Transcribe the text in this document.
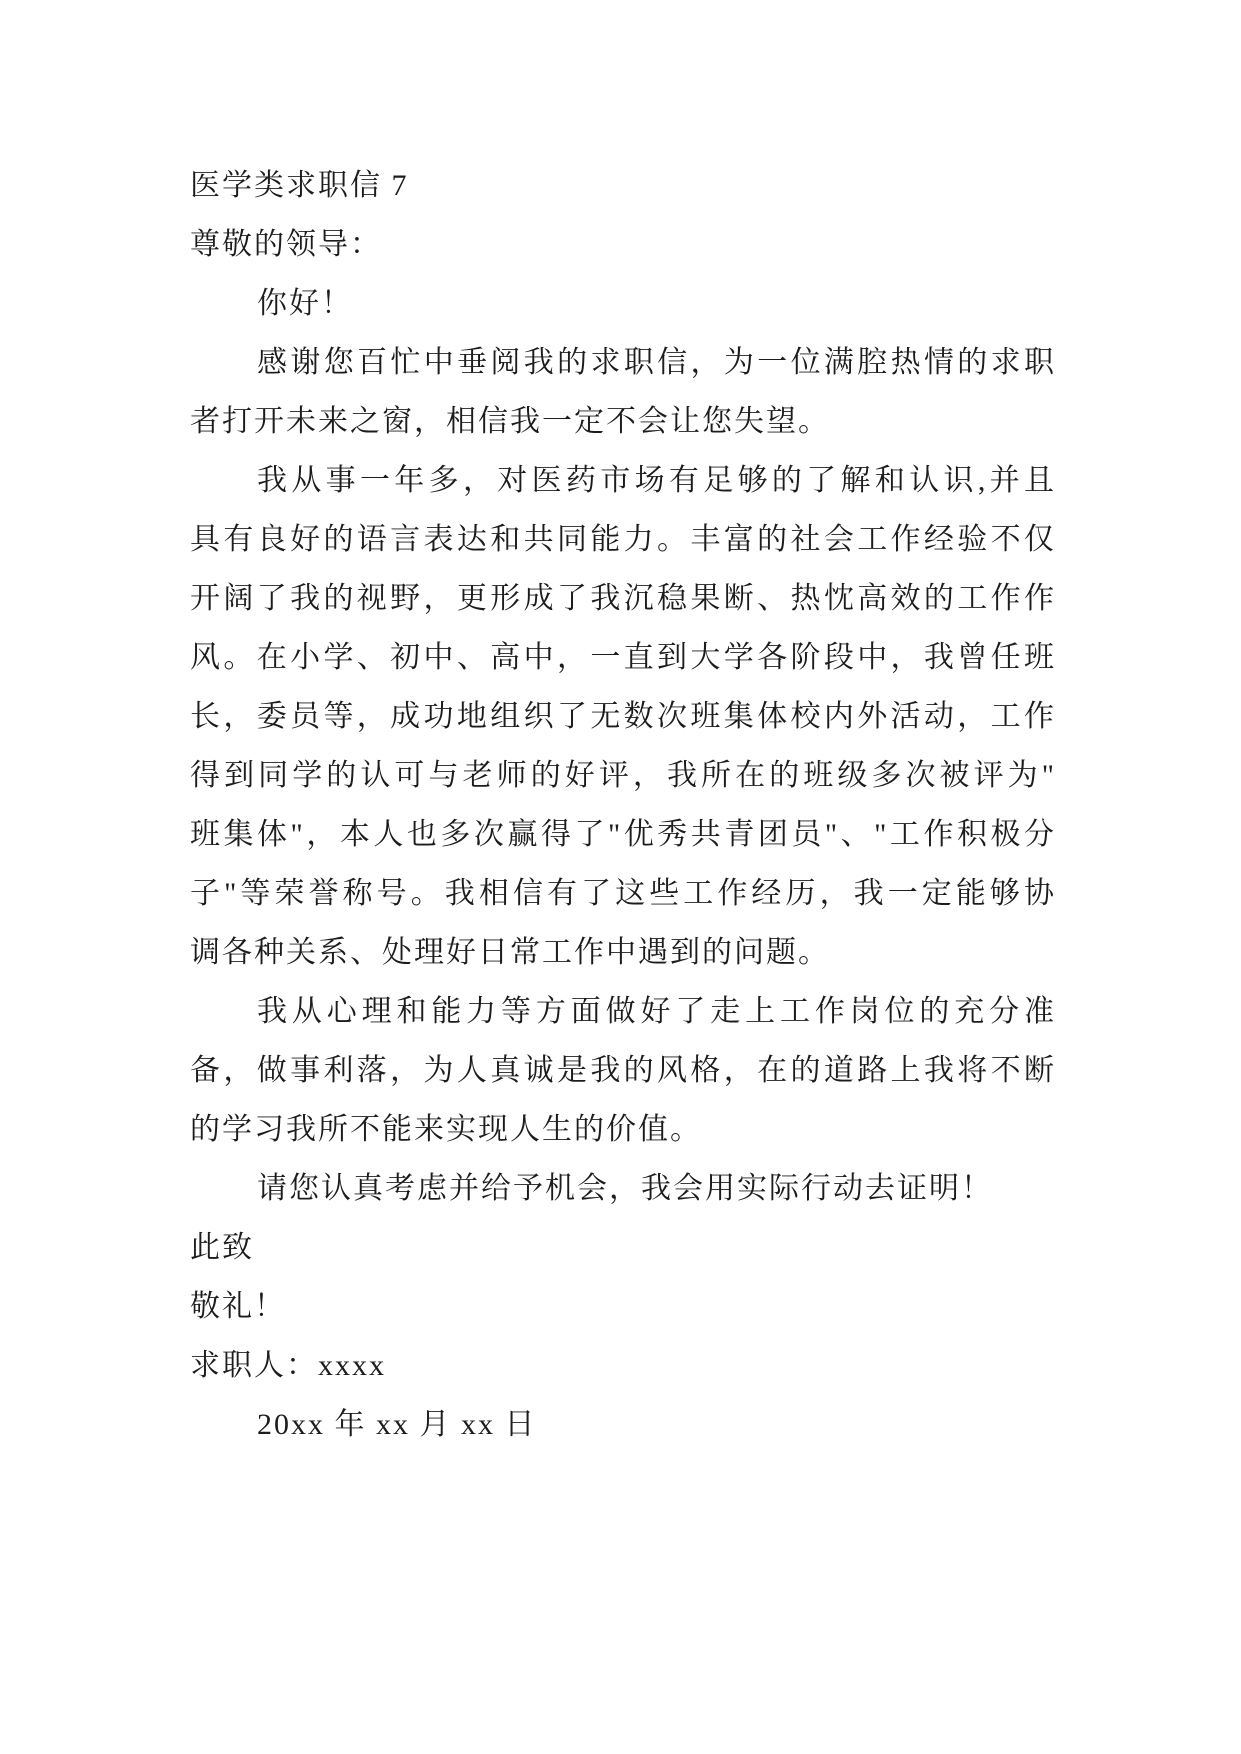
医学类求职信 7
尊敬的领导：
你好！
感谢您百忙中垂阅我的求职信，为一位满腔热情的求职
者打开未来之窗，相信我一定不会让您失望。
我从事一年多，对医药市场有足够的了解和认识,并且
具有良好的语言表达和共同能力。丰富的社会工作经验不仅
开阔了我的视野，更形成了我沉稳果断、热忱高效的工作作
风。在小学、初中、高中，一直到大学各阶段中，我曾任班
长，委员等，成功地组织了无数次班集体校内外活动，工作
得到同学的认可与老师的好评，我所在的班级多次被评为"
班集体"，本人也多次赢得了"优秀共青团员"、"工作积极分
子"等荣誉称号。我相信有了这些工作经历，我一定能够协
调各种关系、处理好日常工作中遇到的问题。
我从心理和能力等方面做好了走上工作岗位的充分准
备，做事利落，为人真诚是我的风格，在的道路上我将不断
的学习我所不能来实现人生的价值。
请您认真考虑并给予机会，我会用实际行动去证明！
此致
敬礼！
求职人：xxxx
20xx 年 xx 月 xx 日
